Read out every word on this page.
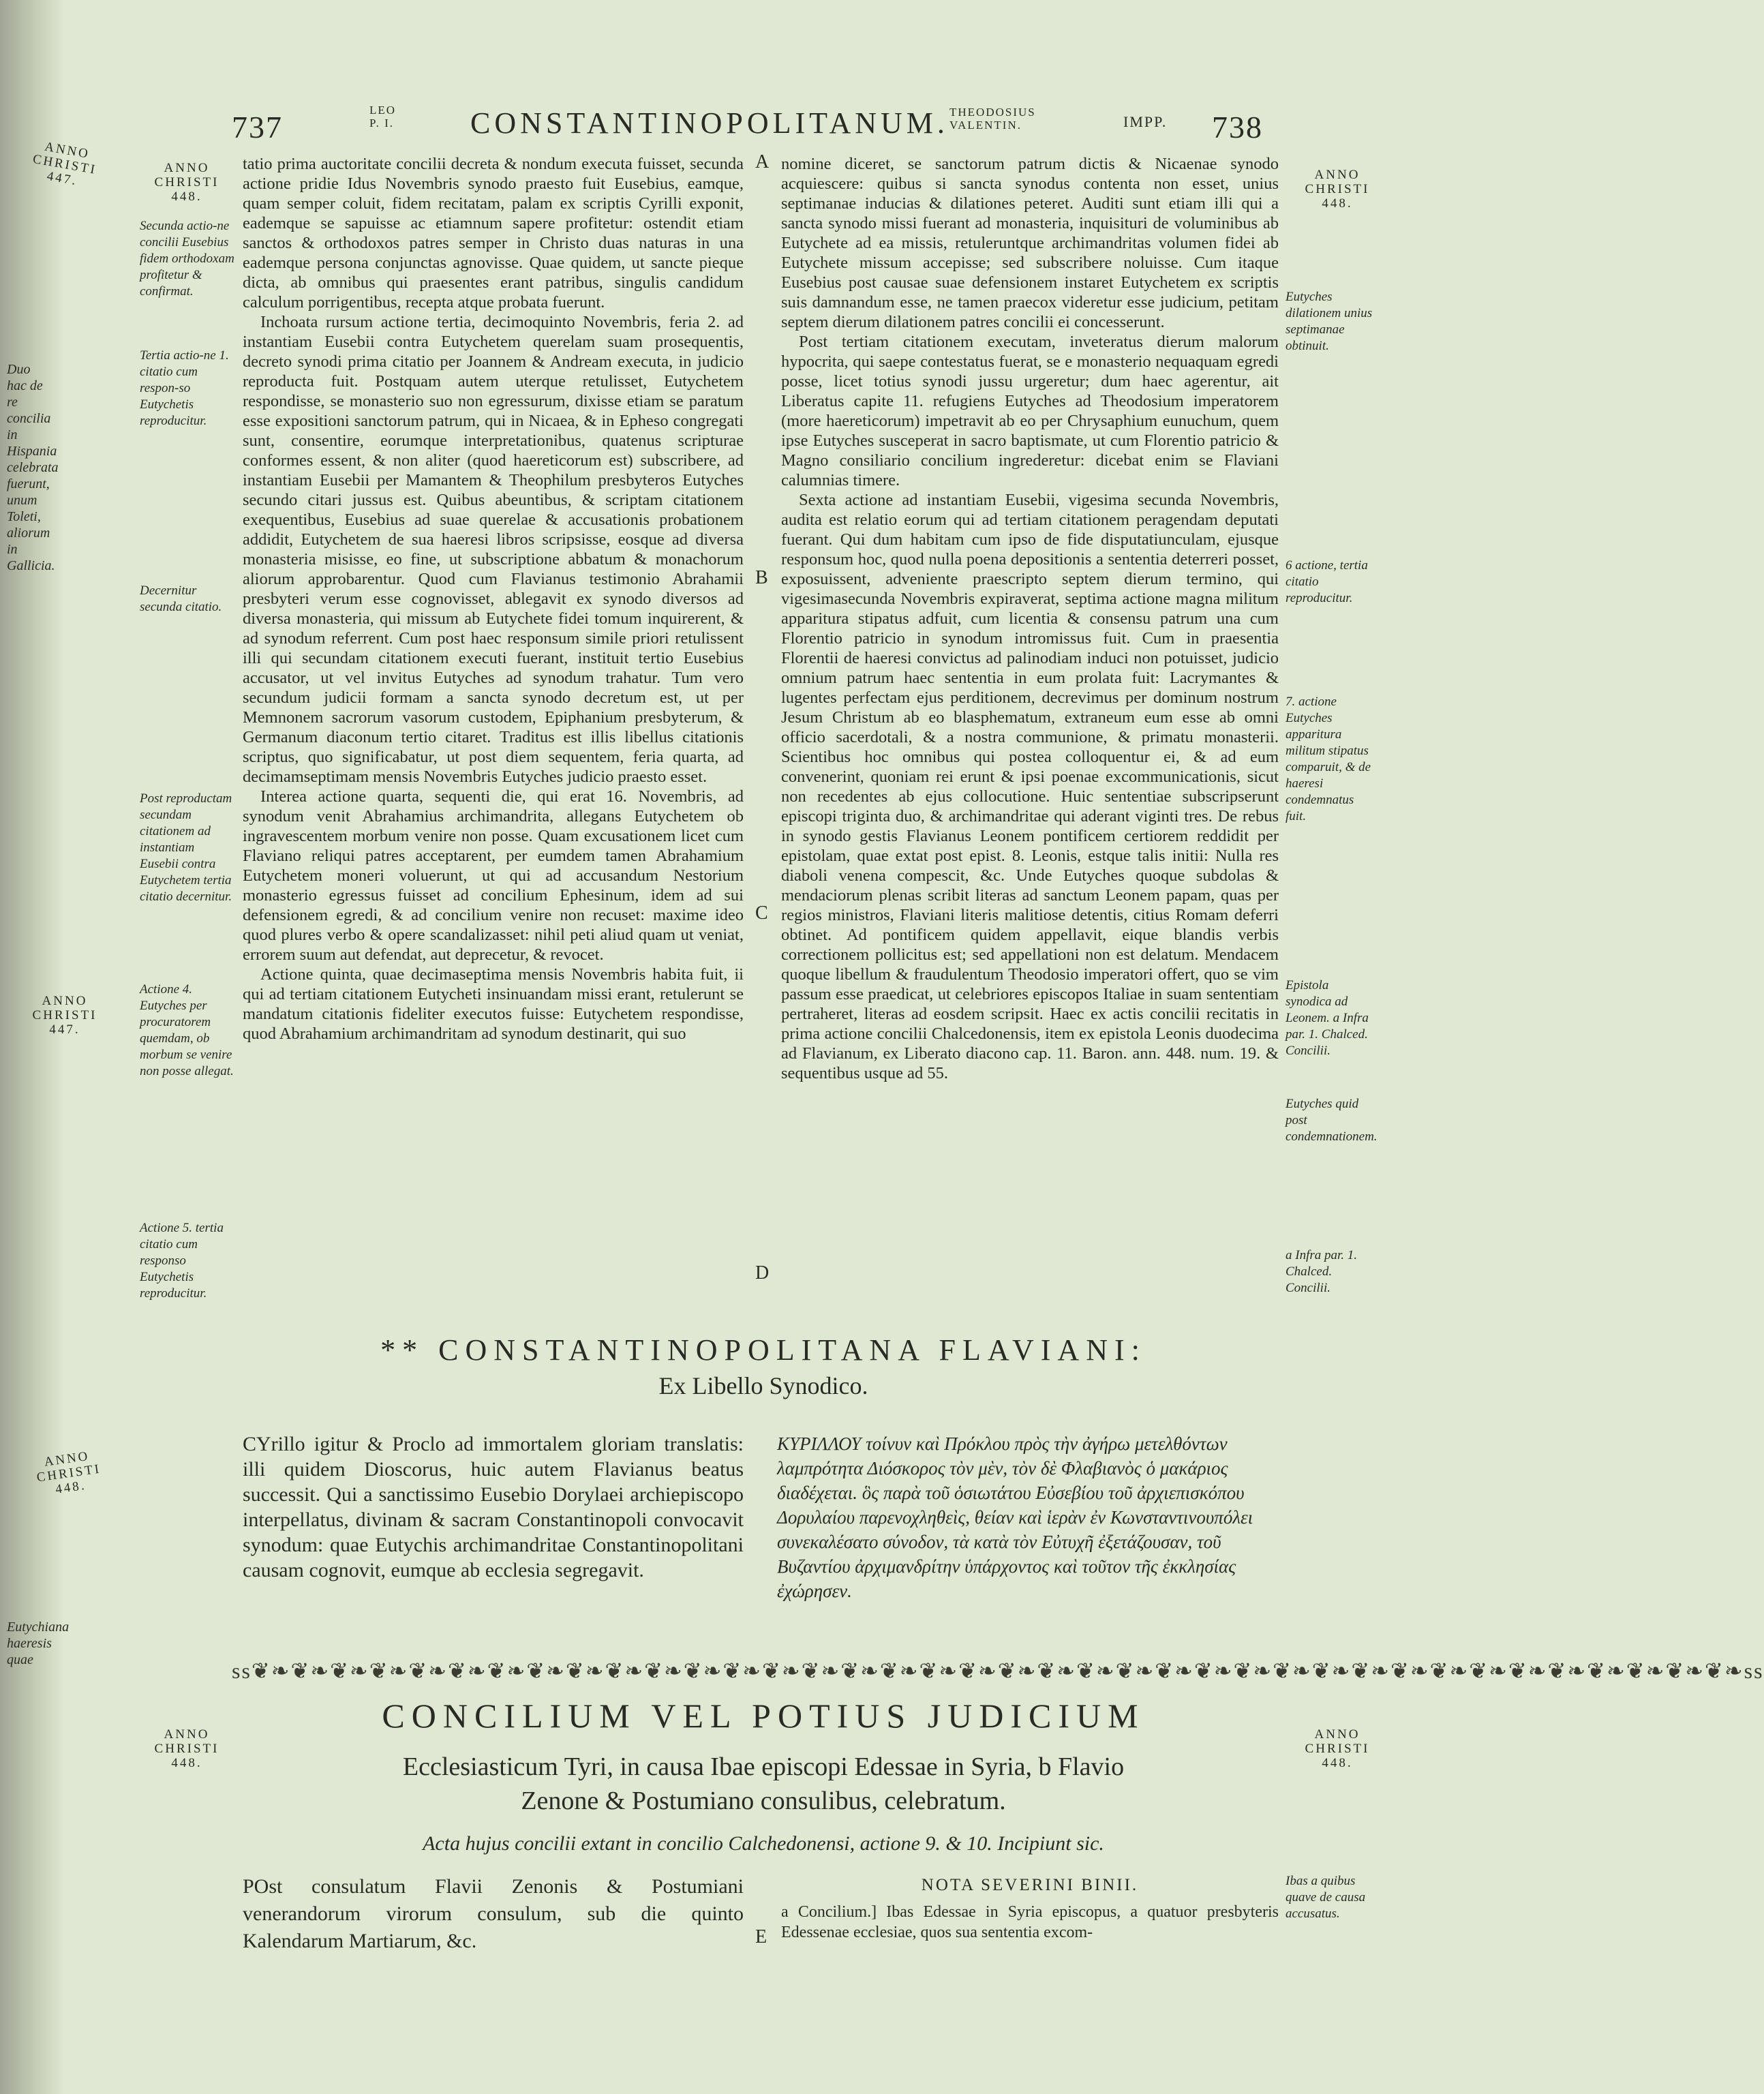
Duo hac de re concilia in Hispania celebrata fuerunt, unum Toleti, aliorum in Gallicia.
Eutychiana haeresis quae
737	LEO P. I.	CONSTANTINOPOLITANUM. THEODOSIUS VALENTIN.	IMPP. 738
ANNO CHRISTI 447.
ANNO CHRISTI 448.
ANNO CHRISTI 448.
ANNO CHRISTI 447.
ANNO CHRISTI 448.
ANNO CHRISTI 448.
ANNO CHRISTI 448.
Secunda actio-ne concilii Eusebius fidem orthodoxam profitetur & confirmat.
Tertia actio-ne 1. citatio cum respon-so Eutychetis reproducitur.
Decernitur secunda citatio.
Post reproductam secundam citationem ad instantiam Eusebii contra Eutychetem tertia citatio decernitur.
Actione 4. Eutyches per procuratorem quemdam, ob morbum se venire non posse allegat.
Actione 5. tertia citatio cum responso Eutychetis reproducitur.
Eutyches dilationem unius septimanae obtinuit.
6 actione, tertia citatio reproducitur.
7. actione Eutyches apparitura militum stipatus comparuit, & de haeresi condemnatus fuit.
Epistola synodica ad Leonem. a Infra par. 1. Chalced. Concilii.
Eutyches quid post condemnationem.
a Infra par. 1. Chalced. Concilii.
A
B
C
D
E

tatio prima auctoritate concilii decreta & nondum executa fuisset, secunda actione pridie Idus Novembris synodo praesto fuit Eusebius, eamque, quam semper coluit, fidem recitatam, palam ex scriptis Cyrilli exponit, eademque se sapuisse ac etiamnum sapere profitetur: ostendit etiam sanctos & orthodoxos patres semper in Christo duas naturas in una eademque persona conjunctas agnovisse. Quae quidem, ut sancte pieque dicta, ab omnibus qui praesentes erant patribus, singulis candidum calculum porrigentibus, recepta atque probata fuerunt.

Inchoata rursum actione tertia, decimoquinto Novembris, feria 2. ad instantiam Eusebii contra Eutychetem querelam suam prosequentis, decreto synodi prima citatio per Joannem & Andream executa, in judicio reproducta fuit. Postquam autem uterque retulisset, Eutychetem respondisse, se monasterio suo non egressurum, dixisse etiam se paratum esse expositioni sanctorum patrum, qui in Nicaea, & in Epheso congregati sunt, consentire, eorumque interpretationibus, quatenus scripturae conformes essent, & non aliter (quod haereticorum est) subscribere, ad instantiam Eusebii per Mamantem & Theophilum presbyteros Eutyches secundo citari jussus est. Quibus abeuntibus, & scriptam citationem exequentibus, Eusebius ad suae querelae & accusationis probationem addidit, Eutychetem de sua haeresi libros scripsisse, eosque ad diversa monasteria misisse, eo fine, ut subscriptione abbatum & monachorum aliorum approbarentur. Quod cum Flavianus testimonio Abrahamii presbyteri verum esse cognovisset, ablegavit ex synodo diversos ad diversa monasteria, qui missum ab Eutychete fidei tomum inquirerent, & ad synodum referrent. Cum post haec responsum simile priori retulissent illi qui secundam citationem executi fuerant, instituit tertio Eusebius accusator, ut vel invitus Eutyches ad synodum trahatur. Tum vero secundum judicii formam a sancta synodo decretum est, ut per Memnonem sacrorum vasorum custodem, Epiphanium presbyterum, & Germanum diaconum tertio citaret. Traditus est illis libellus citationis scriptus, quo significabatur, ut post diem sequentem, feria quarta, ad decimamseptimam mensis Novembris Eutyches judicio praesto esset.

Interea actione quarta, sequenti die, qui erat 16. Novembris, ad synodum venit Abrahamius archimandrita, allegans Eutychetem ob ingravescentem morbum venire non posse. Quam excusationem licet cum Flaviano reliqui patres acceptarent, per eumdem tamen Abrahamium Eutychetem moneri voluerunt, ut qui ad accusandum Nestorium monasterio egressus fuisset ad concilium Ephesinum, idem ad sui defensionem egredi, & ad concilium venire non recuset: maxime ideo quod plures verbo & opere scandalizasset: nihil peti aliud quam ut veniat, errorem suum aut defendat, aut deprecetur, & revocet.

Actione quinta, quae decimaseptima mensis Novembris habita fuit, ii qui ad tertiam citationem Eutycheti insinuandam missi erant, retulerunt se mandatum citationis fideliter executos fuisse: Eutychetem respondisse, quod Abrahamium archimandritam ad synodum destinarit, qui suo

nomine diceret, se sanctorum patrum dictis & Nicaenae synodo acquiescere: quibus si sancta synodus contenta non esset, unius septimanae inducias & dilationes peteret. Auditi sunt etiam illi qui a sancta synodo missi fuerant ad monasteria, inquisituri de voluminibus ab Eutychete ad ea missis, retuleruntque archimandritas volumen fidei ab Eutychete missum accepisse; sed subscribere noluisse. Cum itaque Eusebius post causae suae defensionem instaret Eutychetem ex scriptis suis damnandum esse, ne tamen praecox videretur esse judicium, petitam septem dierum dilationem patres concilii ei concesserunt.

Post tertiam citationem executam, inveteratus dierum malorum hypocrita, qui saepe contestatus fuerat, se e monasterio nequaquam egredi posse, licet totius synodi jussu urgeretur; dum haec agerentur, ait Liberatus capite 11. refugiens Eutyches ad Theodosium imperatorem (more haereticorum) impetravit ab eo per Chrysaphium eunuchum, quem ipse Eutyches susceperat in sacro baptismate, ut cum Florentio patricio & Magno consiliario concilium ingrederetur: dicebat enim se Flaviani calumnias timere.

Sexta actione ad instantiam Eusebii, vigesima secunda Novembris, audita est relatio eorum qui ad tertiam citationem peragendam deputati fuerant. Qui dum habitam cum ipso de fide disputatiunculam, ejusque responsum hoc, quod nulla poena depositionis a sententia deterreri posset, exposuissent, adveniente praescripto septem dierum termino, qui vigesimasecunda Novembris expiraverat, septima actione magna militum apparitura stipatus adfuit, cum licentia & consensu patrum una cum Florentio patricio in synodum intromissus fuit. Cum in praesentia Florentii de haeresi convictus ad palinodiam induci non potuisset, judicio omnium patrum haec sententia in eum prolata fuit: Lacrymantes & lugentes perfectam ejus perditionem, decrevimus per dominum nostrum Jesum Christum ab eo blasphematum, extraneum eum esse ab omni officio sacerdotali, & a nostra communione, & primatu monasterii. Scientibus hoc omnibus qui postea colloquentur ei, & ad eum convenerint, quoniam rei erunt & ipsi poenae excommunicationis, sicut non recedentes ab ejus collocutione. Huic sententiae subscripserunt episcopi triginta duo, & archimandritae qui aderant viginti tres. De rebus in synodo gestis Flavianus Leonem pontificem certiorem reddidit per epistolam, quae extat post epist. 8. Leonis, estque talis initii: Nulla res diaboli venena compescit, &c. Unde Eutyches quoque subdolas & mendaciorum plenas scribit literas ad sanctum Leonem papam, quas per regios ministros, Flaviani literis malitiose detentis, citius Romam deferri obtinet. Ad pontificem quidem appellavit, eique blandis verbis correctionem pollicitus est; sed appellationi non est delatum. Mendacem quoque libellum & fraudulentum Theodosio imperatori offert, quo se vim passum esse praedicat, ut celebriores episcopos Italiae in suam sententiam pertraheret, literas ad eosdem scripsit. Haec ex actis concilii recitatis in prima actione concilii Chalcedonensis, item ex epistola Leonis duodecima ad Flavianum, ex Liberato diacono cap. 11. Baron. ann. 448. num. 19. & sequentibus usque ad 55.

** CONSTANTINOPOLITANA FLAVIANI:
Ex Libello Synodico.
CYrillo igitur & Proclo ad immortalem gloriam translatis: illi quidem Dioscorus, huic autem Flavianus beatus successit. Qui a sanctissimo Eusebio Dorylaei archiepiscopo interpellatus, divinam & sacram Constantinopoli convocavit synodum: quae Eutychis archimandritae Constantinopolitani causam cognovit, eumque ab ecclesia segregavit.
ΚΥΡΙΛΛΟΥ τοίνυν καὶ Πρόκλου πρὸς τὴν ἀγήρω μετελθόντων λαμπρότητα Διόσκορος τὸν μὲν, τὸν δὲ Φλαβιανὸς ὁ μακάριος διαδέχεται. ὃς παρὰ τοῦ ὁσιωτάτου Εὐσεβίου τοῦ ἀρχιεπισκόπου Δορυλαίου παρενοχληθεὶς, θείαν καὶ ἱερὰν ἐν Κωνσταντινουπόλει συνεκαλέσατο σύνοδον, τὰ κατὰ τὸν Εὐτυχῆ ἐξετάζουσαν, τοῦ Βυζαντίου ἀρχιμανδρίτην ὑπάρχοντος καὶ τοῦτον τῆς ἐκκλησίας ἐχώρησεν.
ss❦❧❦❧❦❧❦❧❦❧❦❧❦❧❦❧❦❧❦❧❦❧❦❧❦❧❦❧❦❧❦❧❦❧❦❧❦❧❦❧❦❧❦❧❦❧❦❧❦❧❦❧❦❧❦❧❦❧❦❧❦❧❦❧❦❧❦❧❦❧❦❧❦❧❦❧ss
CONCILIUM VEL POTIUS JUDICIUM
Ecclesiasticum Tyri, in causa Ibae episcopi Edessae in Syria, b Flavio
Zenone & Postumiano consulibus, celebratum.
Acta hujus concilii extant in concilio Calchedonensi, actione 9. & 10. Incipiunt sic.
POst consulatum Flavii Zenonis & Postumiani venerandorum virorum consulum, sub die quinto Kalendarum Martiarum, &c.
NOTA SEVERINI BINII.
a Concilium.] Ibas Edessae in Syria episcopus, a quatuor presbyteris Edessenae ecclesiae, quos sua sententia excom-
Ibas a quibus quave de causa accusatus.
